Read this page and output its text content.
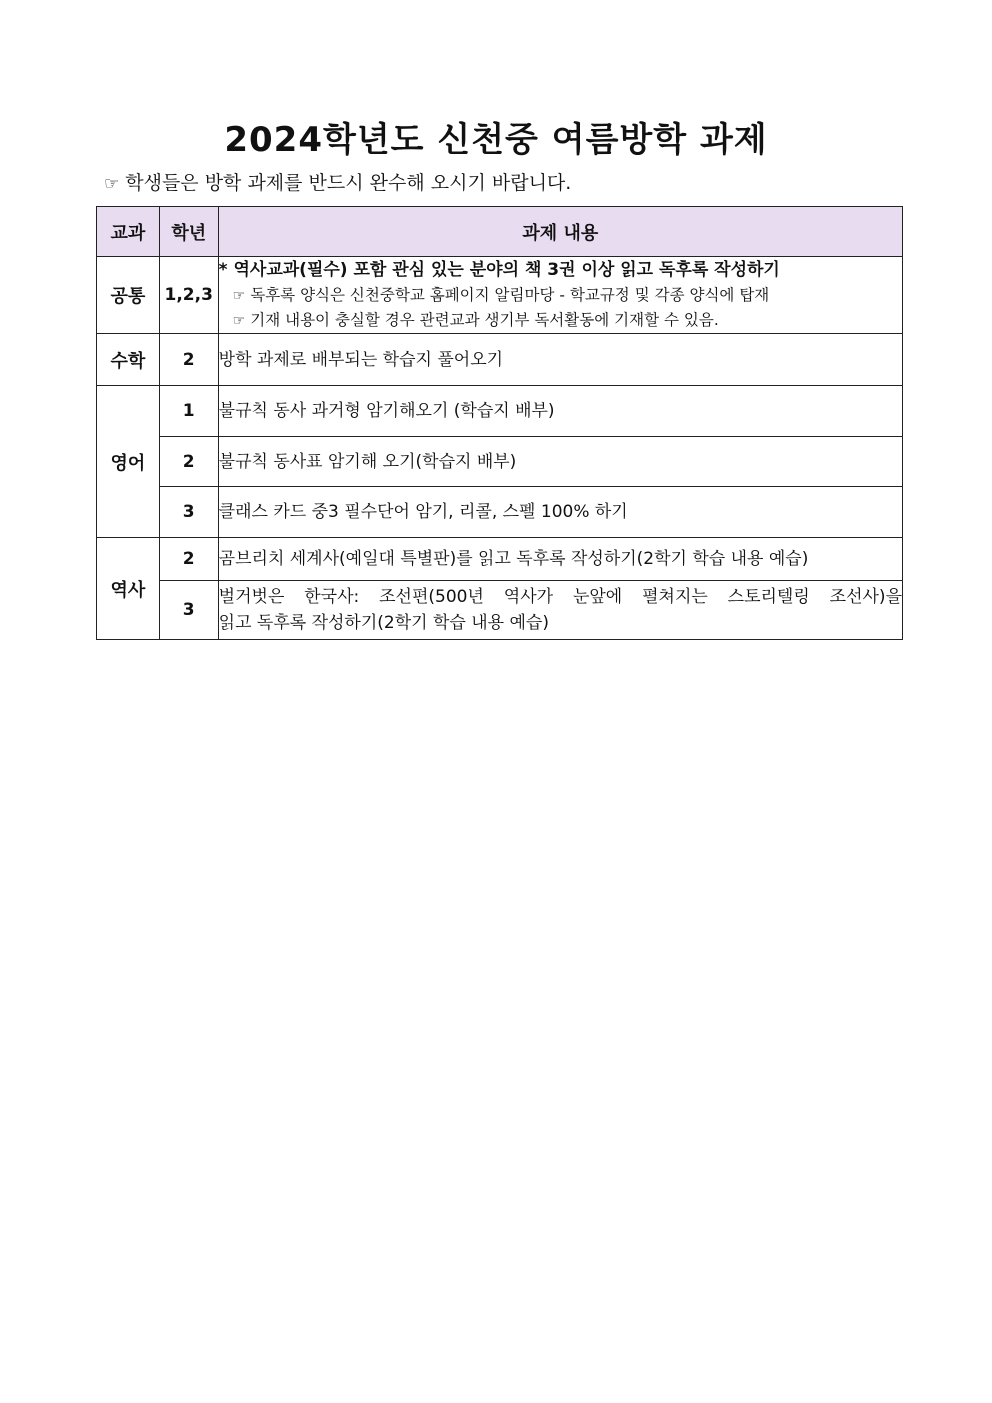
2024학년도 신천중 여름방학 과제

☞ 학생들은 방학 과제를 반드시 완수해 오시기 바랍니다.

교과	학년	과제 내용
공통	1,2,3	* 역사교과(필수) 포함 관심 있는 분야의 책 3권 이상 읽고 독후록 작성하기
☞ 독후록 양식은 신천중학교 홈페이지 알림마당 - 학교규정 및 각종 양식에 탑재
☞ 기재 내용이 충실할 경우 관련교과 생기부 독서활동에 기재할 수 있음.

수학	2	방학 과제로 배부되는 학습지 풀어오기
영어	1	불규칙 동사 과거형 암기해오기 (학습지 배부)
	2	불규칙 동사표 암기해 오기(학습지 배부)
	3	클래스 카드 중3 필수단어 암기, 리콜, 스펠 100% 하기
역사	2	곰브리치 세계사(예일대 특별판)를 읽고 독후록 작성하기(2학기 학습 내용 예습)
	3	벌거벗은 한국사: 조선편(500년 역사가 눈앞에 펼쳐지는 스토리텔링 조선사)을
읽고 독후록 작성하기(2학기 학습 내용 예습)
